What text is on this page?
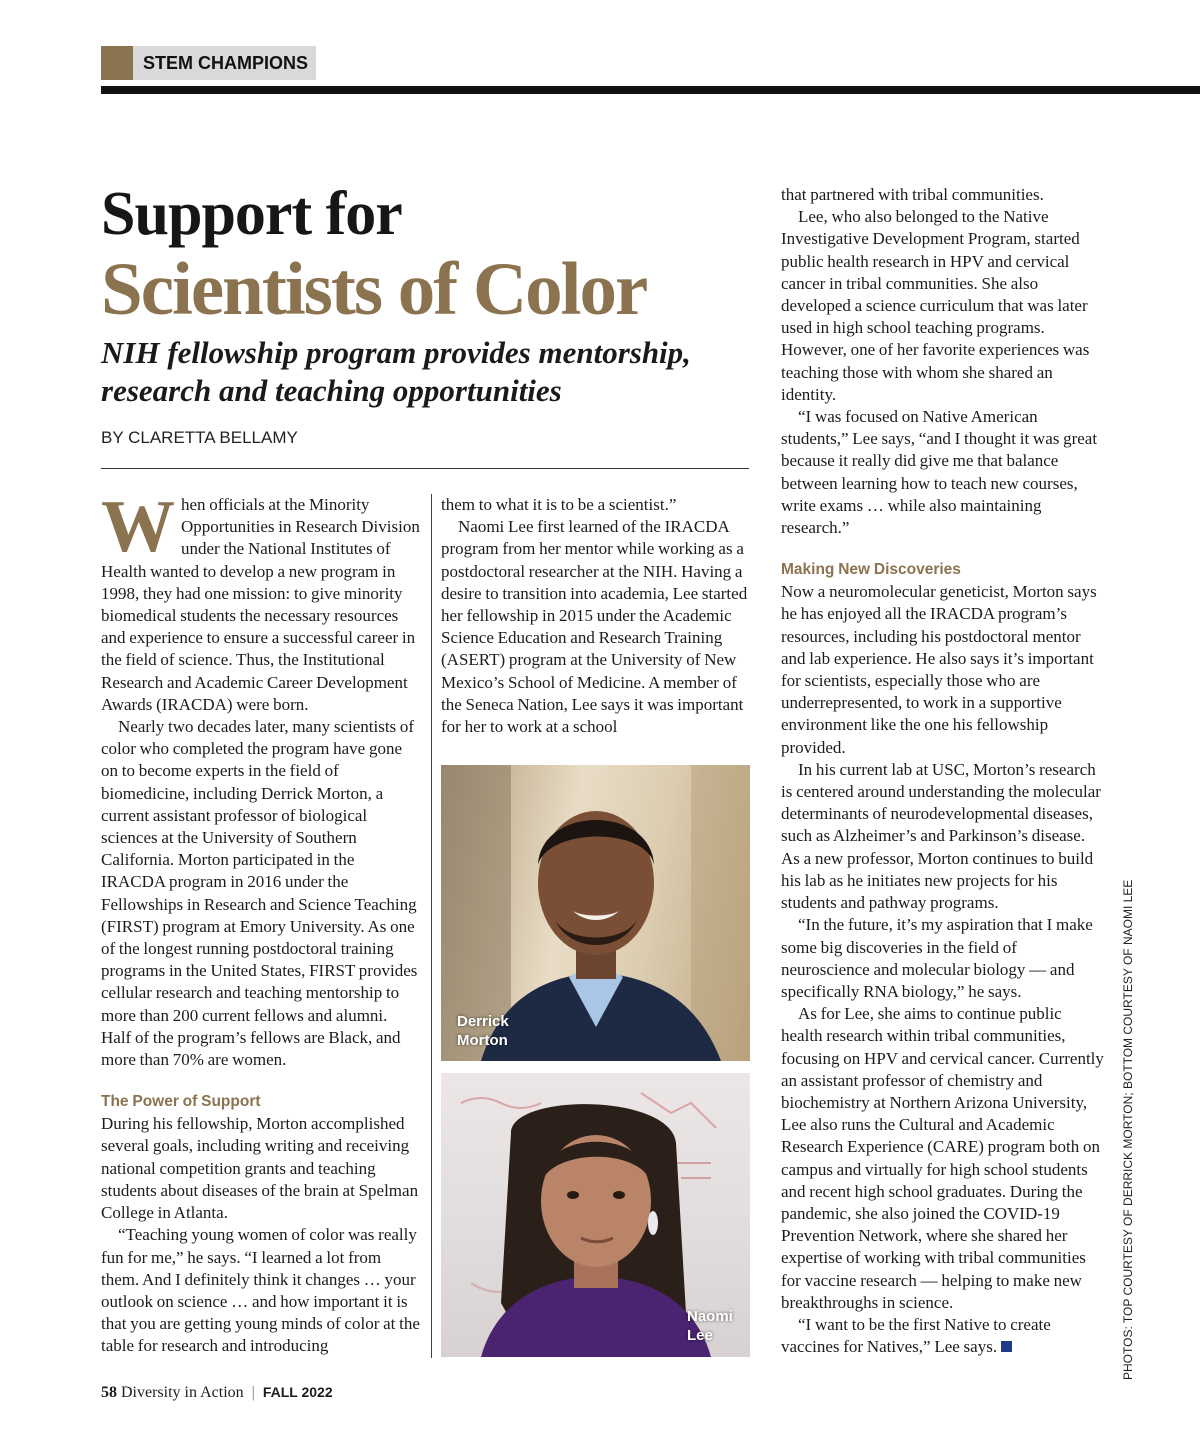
STEM CHAMPIONS
Support for
Scientists of Color
NIH fellowship program provides mentorship, research and teaching opportunities
BY CLARETTA BELLAMY

When officials at the Minority Opportunities in Research Division under the National Institutes of Health wanted to develop a new program in 1998, they had one mission: to give minority biomedical students the necessary resources and experience to ensure a successful career in the field of science. Thus, the Institutional Research and Academic Career Development Awards (IRACDA) were born.

Nearly two decades later, many scientists of color who completed the program have gone on to become experts in the field of biomedicine, including Derrick Morton, a current assistant professor of biological sciences at the University of Southern California. Morton participated in the IRACDA program in 2016 under the Fellowships in Research and Science Teaching (FIRST) program at Emory University. As one of the longest running postdoctoral training programs in the United States, FIRST provides cellular research and teaching mentorship to more than 200 current fellows and alumni. Half of the program’s fellows are Black, and more than 70% are women.

The Power of Support

During his fellowship, Morton accomplished several goals, including writing and receiving national competition grants and teaching students about diseases of the brain at Spelman College in Atlanta.

“Teaching young women of color was really fun for me,” he says. “I learned a lot from them. And I definitely think it changes … your outlook on science … and how important it is that you are getting young minds of color at the table for research and introducing

them to what it is to be a scientist.”

Naomi Lee first learned of the IRACDA program from her mentor while working as a postdoctoral researcher at the NIH. Having a desire to transition into academia, Lee started her fellowship in 2015 under the Academic Science Education and Research Training (ASERT) program at the University of New Mexico’s School of Medicine. A member of the Seneca Nation, Lee says it was important for her to work at a school

Derrick Morton
Naomi Lee

that partnered with tribal communities.

Lee, who also belonged to the Native Investigative Development Program, started public health research in HPV and cervical cancer in tribal communities. She also developed a science curriculum that was later used in high school teaching programs. However, one of her favorite experiences was teaching those with whom she shared an identity.

“I was focused on Native American students,” Lee says, “and I thought it was great because it really did give me that balance between learning how to teach new courses, write exams … while also maintaining research.”

Making New Discoveries

Now a neuromolecular geneticist, Morton says he has enjoyed all the IRACDA program’s resources, including his postdoctoral mentor and lab experience. He also says it’s important for scientists, especially those who are underrepresented, to work in a supportive environment like the one his fellowship provided.

In his current lab at USC, Morton’s research is centered around understanding the molecular determinants of neurodevelopmental diseases, such as Alzheimer’s and Parkinson’s disease. As a new professor, Morton continues to build his lab as he initiates new projects for his students and pathway programs.

“In the future, it’s my aspiration that I make some big discoveries in the field of neuroscience and molecular biology — and specifically RNA biology,” he says.

As for Lee, she aims to continue public health research within tribal communities, focusing on HPV and cervical cancer. Currently an assistant professor of chemistry and biochemistry at Northern Arizona University, Lee also runs the Cultural and Academic Research Experience (CARE) program both on campus and virtually for high school students and recent high school graduates. During the pandemic, she also joined the COVID-19 Prevention Network, where she shared her expertise of working with tribal communities for vaccine research — helping to make new breakthroughs in science.

“I want to be the first Native to create vaccines for Natives,” Lee says.	PHOTOS: TOP COURTESY OF DERRICK MORTON; BOTTOM COURTESY OF NAOMI LEE
58 Diversity in Action | FALL 2022
